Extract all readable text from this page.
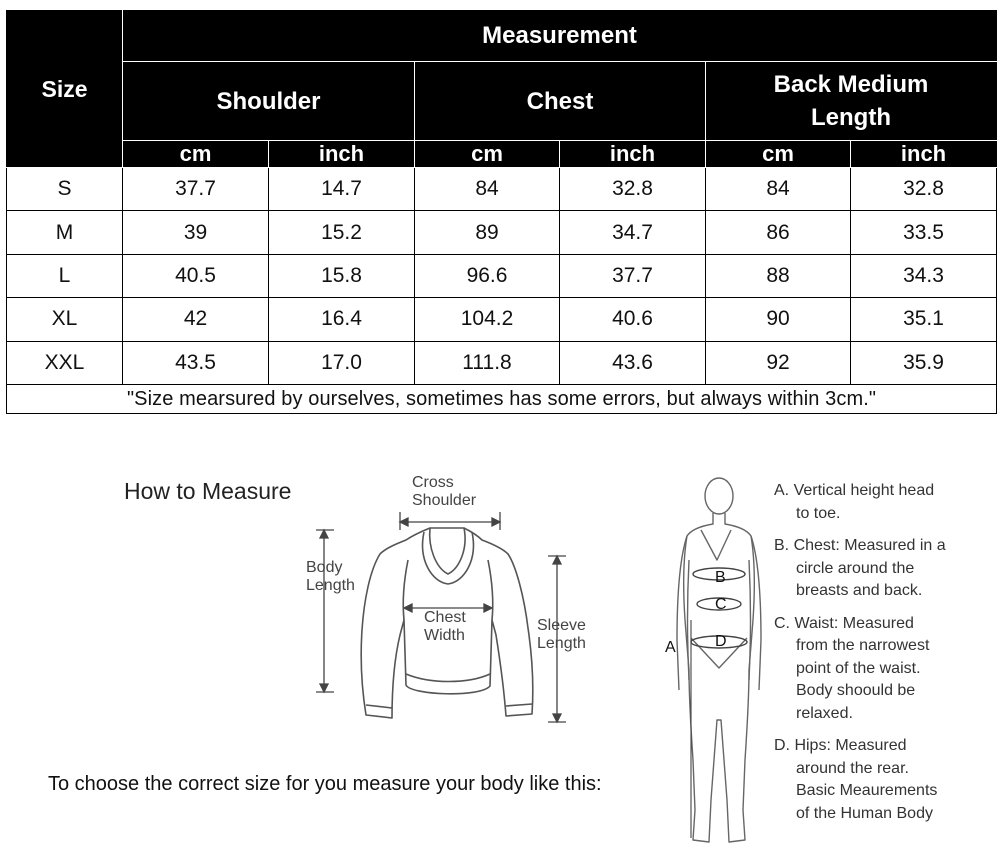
Size	Measurement					
	Shoulder		Chest		Back Medium Length	
	cm	inch	cm	inch	cm	inch
S	37.7	14.7	84	32.8	84	32.8
M	39	15.2	89	34.7	86	33.5
L	40.5	15.8	96.6	37.7	88	34.3
XL	42	16.4	104.2	40.6	90	35.1
XXL	43.5	17.0	111.8	43.6	92	35.9
"Size mearsured by ourselves, sometimes has some errors, but always within 3cm."						
How to Measure	Cross
Shoulder
Body
Length
Chest
Width
Sleeve
Length
To choose the correct size for you measure your body like this:
B
C
D
A
A. Vertical height head
to toe.
B. Chest: Measured in a
circle around the
breasts and back.
C. Waist: Measured
from the narrowest
point of the waist.
Body shoould be
relaxed.
D. Hips: Measured
around the rear.
Basic Meaurements
of the Human Body
